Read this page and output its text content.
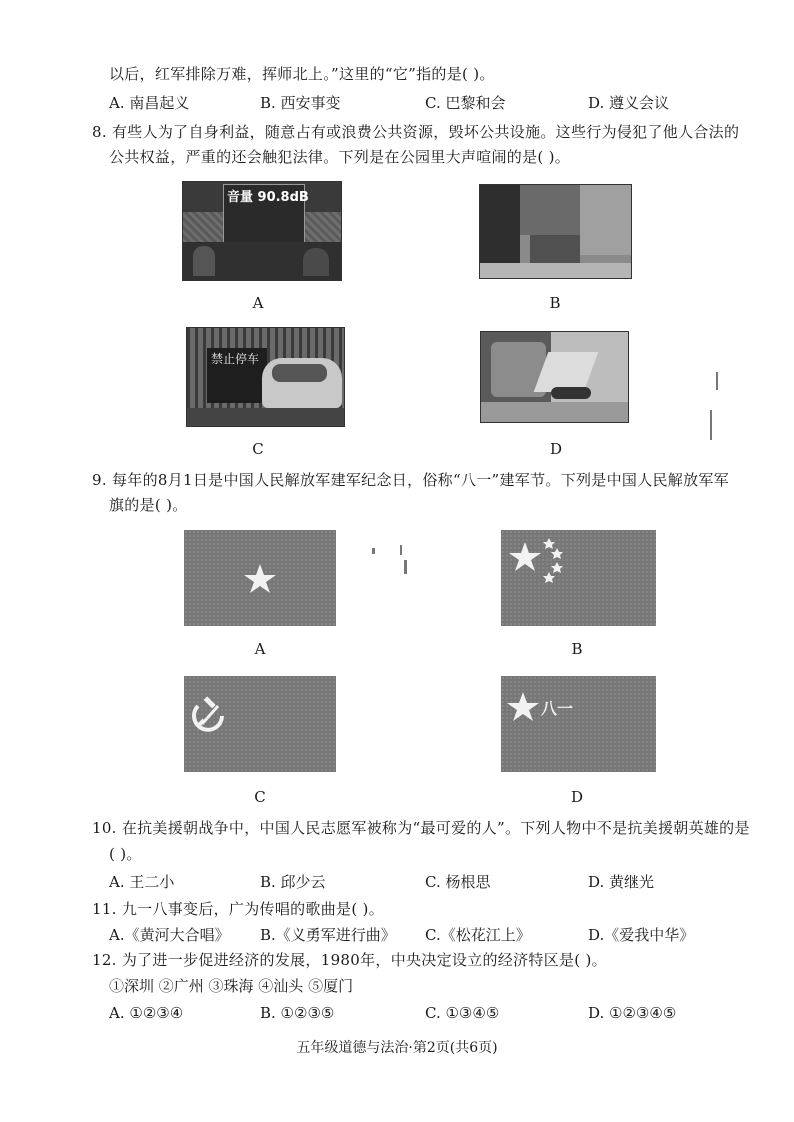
以后，红军排除万难，挥师北上。”这里的“它”指的是( )。
A. 南昌起义	B. 西安事变	C. 巴黎和会	D. 遵义会议
8. 有些人为了自身利益，随意占有或浪费公共资源，毁坏公共设施。这些行为侵犯了他人合法的
公共权益，严重的还会触犯法律。下列是在公园里大声喧闹的是( )。
音量 90.8dB
A	B
禁止停车
C	D
9. 每年的8月1日是中国人民解放军建军纪念日，俗称“八一”建军节。下列是中国人民解放军军
旗的是( )。
A	B
C
八一
D
10. 在抗美援朝战争中，中国人民志愿军被称为“最可爱的人”。下列人物中不是抗美援朝英雄的是
( )。
A. 王二小	B. 邱少云	C. 杨根思	D. 黄继光
11. 九一八事变后，广为传唱的歌曲是( )。
A.《黄河大合唱》 B.《义勇军进行曲》 C.《松花江上》	D.《爱我中华》
12. 为了进一步促进经济的发展，1980年，中央决定设立的经济特区是( )。
①深圳 ②广州 ③珠海 ④汕头 ⑤厦门
A. ①②③④	B. ①②③⑤	C. ①③④⑤	D. ①②③④⑤
五年级道德与法治·第2页(共6页)
